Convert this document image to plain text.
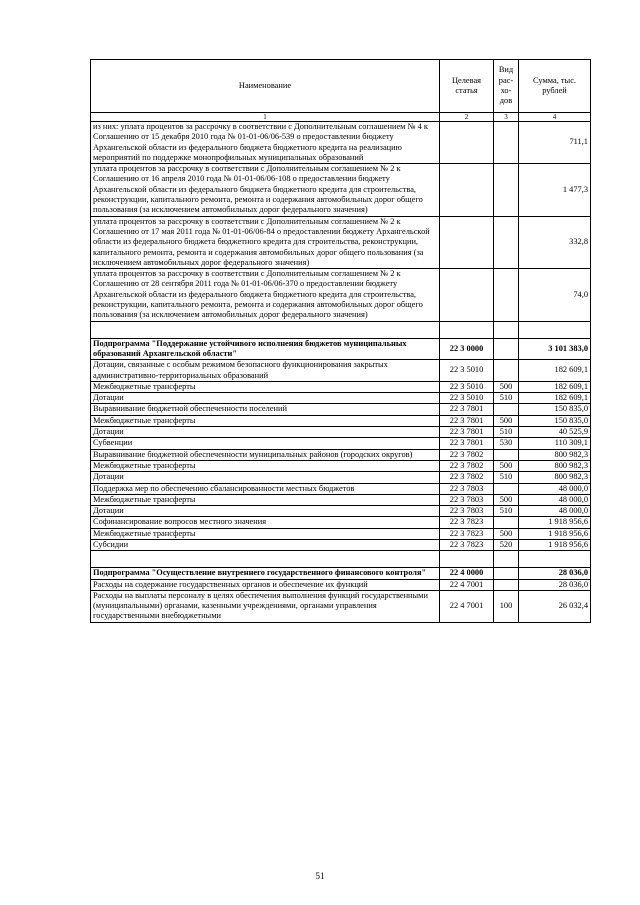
Наименование	Целевая статья	Вид рас- хо- дов	Сумма, тыс. рублей
1	2	3	4
из них: уплата процентов за рассрочку в соответствии с Дополнительным соглашением № 4 к Соглашению от 15 декабря 2010 года № 01-01-06/06-539 о предоставлении бюджету Архангельской области из федерального бюджета бюджетного кредита на реализацию мероприятий по поддержке монопрофильных муниципальных образований			711,1
уплата процентов за рассрочку в соответствии с Дополнительным соглашением № 2 к Соглашению от 16 апреля 2010 года № 01-01-06/06-108 о предоставлении бюджету Архангельской области из федерального бюджета бюджетного кредита для строительства, реконструкции, капитального ремонта, ремонта и содержания автомобильных дорог общего пользования (за исключением автомобильных дорог федерального значения)			1 477,3
уплата процентов за рассрочку в соответствии с Дополнительным соглашением № 2 к Соглашению от 17 мая 2011 года № 01-01-06/06-84 о предоставлении бюджету Архангельской области из федерального бюджета бюджетного кредита для строительства, реконструкции, капитального ремонта, ремонта и содержания автомобильных дорог общего пользования (за исключением автомобильных дорог федерального значения)			332,8
уплата процентов за рассрочку в соответствии с Дополнительным соглашением № 2 к Соглашению от 28 сентября 2011 года № 01-01-06/06-370 о предоставлении бюджету Архангельской области из федерального бюджета бюджетного кредита для строительства, реконструкции, капитального ремонта, ремонта и содержания автомобильных дорог общего пользования (за исключением автомобильных дорог федерального значения)			74,0

Подпрограмма "Поддержание устойчивого исполнения бюджетов муниципальных образований Архангельской области"	22 3 0000		3 101 383,0
Дотации, связанные с особым режимом безопасного функционирования закрытых административно-территориальных образований	22 3 5010		182 609,1
Межбюджетные трансферты	22 3 5010	500	182 609,1
Дотации	22 3 5010	510	182 609,1
Выравнивание бюджетной обеспеченности поселений	22 3 7801		150 835,0
Межбюджетные трансферты	22 3 7801	500	150 835,0
Дотации	22 3 7801	510	40 525,9
Субвенции	22 3 7801	530	110 309,1
Выравнивание бюджетной обеспеченности муниципальных районов (городских округов)	22 3 7802		800 982,3
Межбюджетные трансферты	22 3 7802	500	800 982,3
Дотации	22 3 7802	510	800 982,3
Поддержка мер по обеспечению сбалансированности местных бюджетов	22 3 7803		48 000,0
Межбюджетные трансферты	22 3 7803	500	48 000,0
Дотации	22 3 7803	510	48 000,0
Софинансирование вопросов местного значения	22 3 7823		1 918 956,6
Межбюджетные трансферты	22 3 7823	500	1 918 956,6
Субсидии	22 3 7823	520	1 918 956,6

Подпрограмма "Осуществление внутреннего государственного финансового контроля"	22 4 0000		28 036,0
Расходы на содержание государственных органов и обеспечение их функций	22 4 7001		28 036,0
Расходы на выплаты персоналу в целях обеспечения выполнения функций государственными (муниципальными) органами, казенными учреждениями, органами управления государственными внебюджетными	22 4 7001	100	26 032,4
51
